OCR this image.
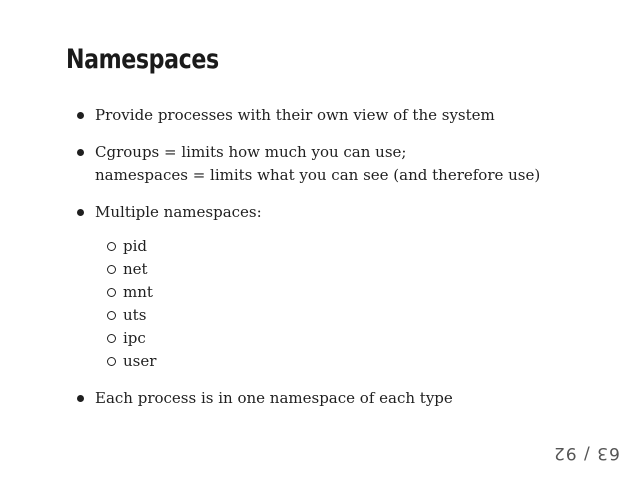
Namespaces
Provide processes with their own view of the system
Cgroups = limits how much you can use;
namespaces = limits what you can see (and therefore use)
Multiple namespaces:
pid
net
mnt
uts
ipc
user
Each process is in one namespace of each type
63 / 92
